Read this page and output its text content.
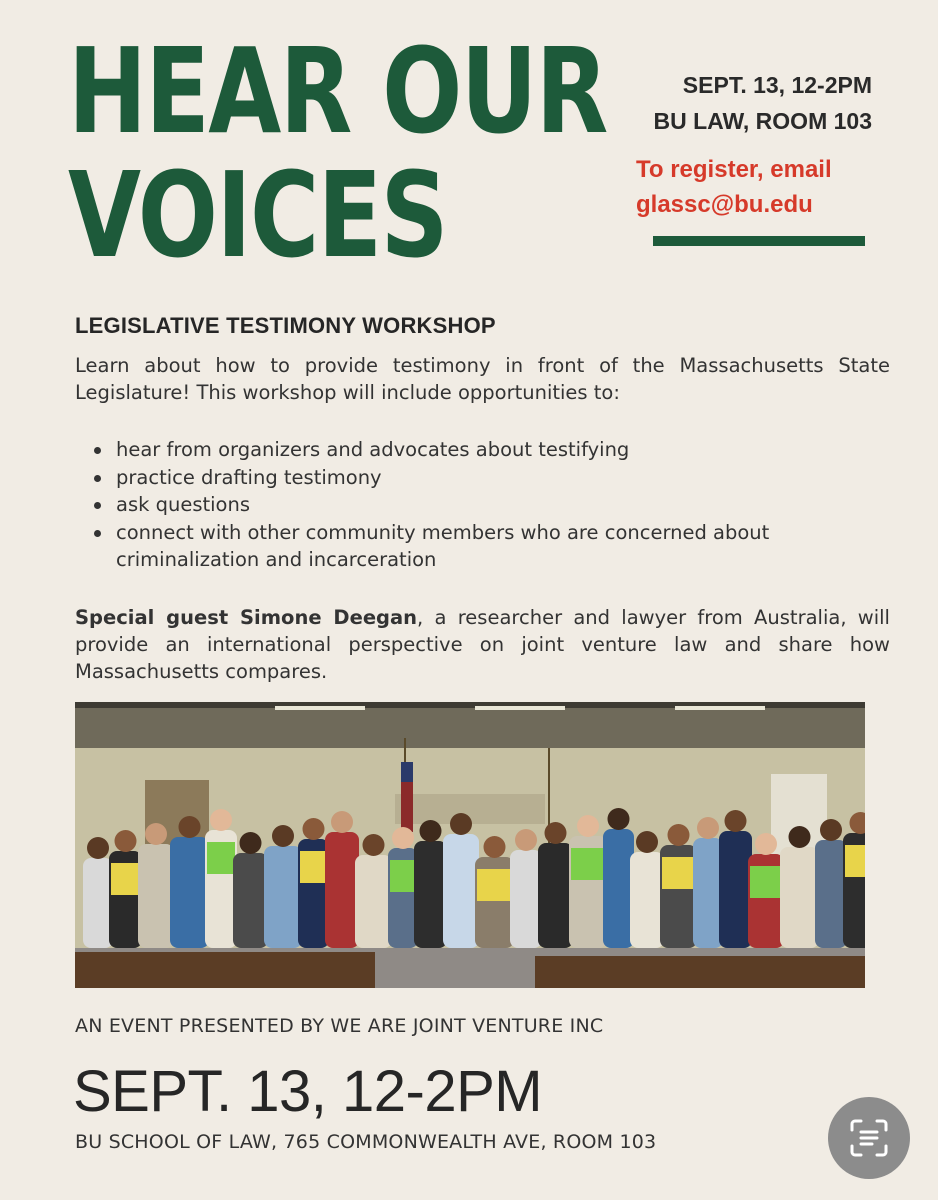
HEAR OUR
VOICES
SEPT. 13, 12-2PM
BU LAW, ROOM 103
To register, email
glassc@bu.edu
LEGISLATIVE TESTIMONY WORKSHOP
Learn about how to provide testimony in front of the Massachusetts State Legislature! This workshop will include opportunities to:
hear from organizers and advocates about testifying
practice drafting testimony
ask questions
connect with other community members who are concerned about criminalization and incarceration
Special guest Simone Deegan, a researcher and lawyer from Australia, will provide an international perspective on joint venture law and share how Massachusetts compares.
AN EVENT PRESENTED BY WE ARE JOINT VENTURE INC
SEPT. 13, 12-2PM
BU SCHOOL OF LAW, 765 COMMONWEALTH AVE, ROOM 103
